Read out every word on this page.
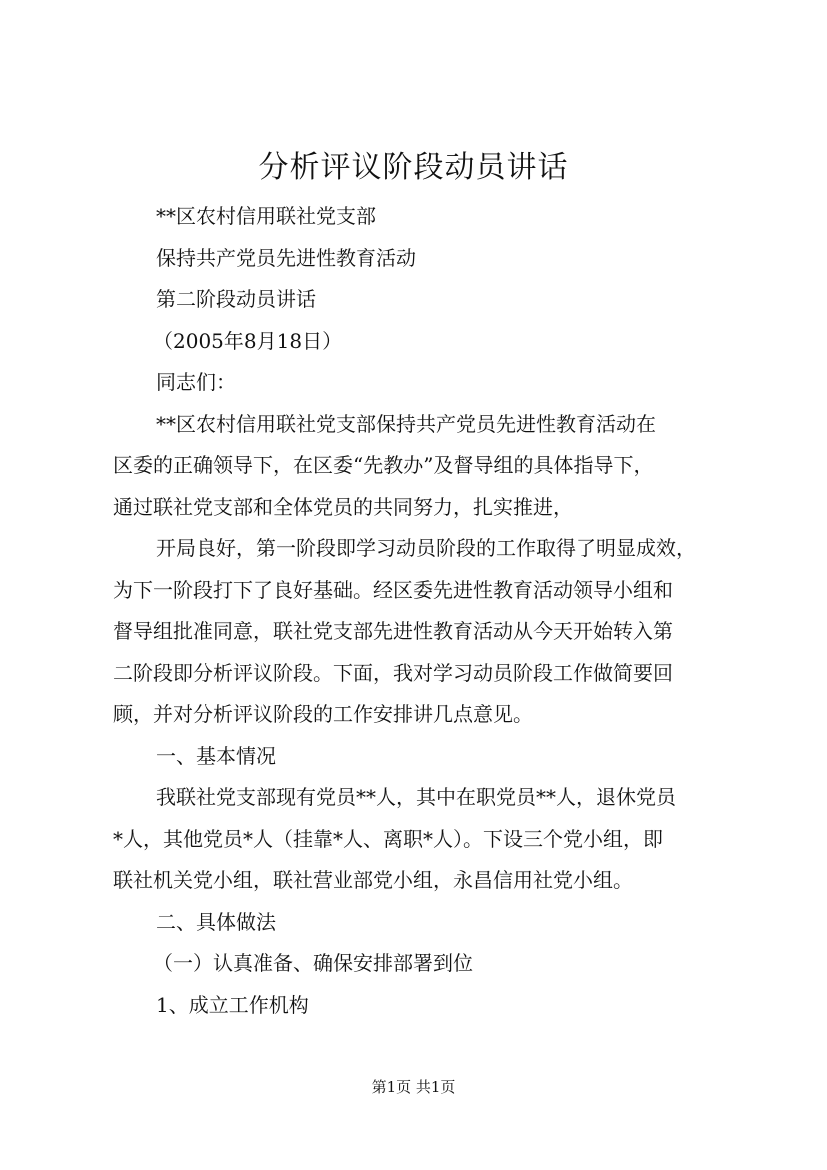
分析评议阶段动员讲话

**区农村信用联社党支部

保持共产党员先进性教育活动

第二阶段动员讲话

（2005年8月18日）

同志们：

**区农村信用联社党支部保持共产党员先进性教育活动在

区委的正确领导下，在区委“先教办”及督导组的具体指导下，

通过联社党支部和全体党员的共同努力，扎实推进，

开局良好，第一阶段即学习动员阶段的工作取得了明显成效，

为下一阶段打下了良好基础。经区委先进性教育活动领导小组和

督导组批准同意，联社党支部先进性教育活动从今天开始转入第

二阶段即分析评议阶段。下面，我对学习动员阶段工作做简要回

顾，并对分析评议阶段的工作安排讲几点意见。

一、基本情况

我联社党支部现有党员**人，其中在职党员**人，退休党员

*人，其他党员*人（挂靠*人、离职*人）。下设三个党小组，即

联社机关党小组，联社营业部党小组，永昌信用社党小组。

二、具体做法

（一）认真准备、确保安排部署到位

1、成立工作机构

第1页 共1页
